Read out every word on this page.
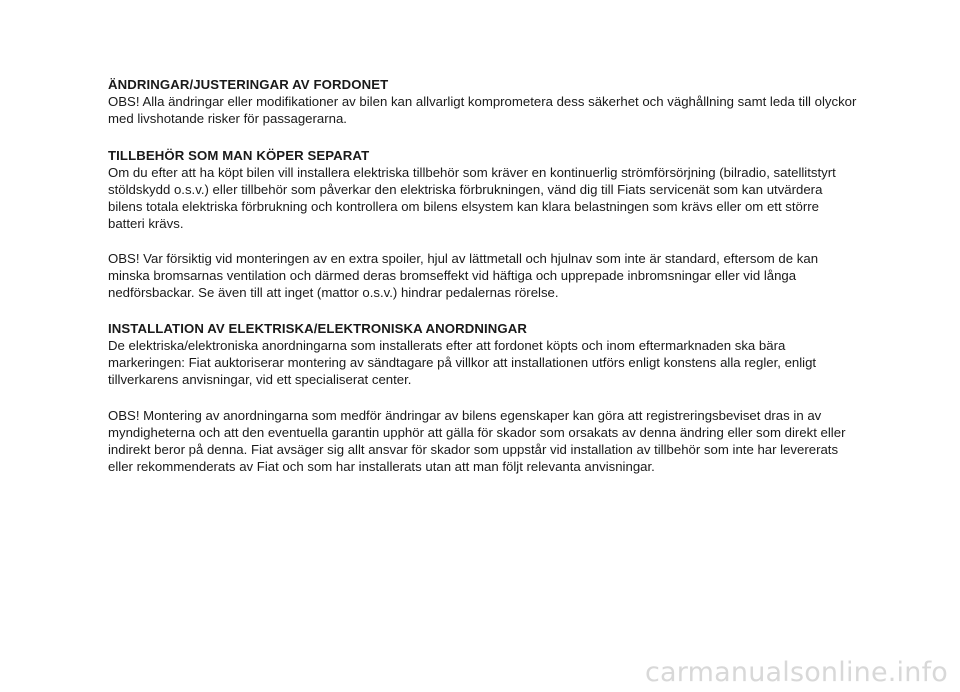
ÄNDRINGAR/JUSTERINGAR AV FORDONET

OBS! Alla ändringar eller modifikationer av bilen kan allvarligt komprometera dess säkerhet och väghållning samt leda till olyckor
med livshotande risker för passagerarna.

TILLBEHÖR SOM MAN KÖPER SEPARAT

Om du efter att ha köpt bilen vill installera elektriska tillbehör som kräver en kontinuerlig strömförsörjning (bilradio, satellitstyrt
stöldskydd o.s.v.) eller tillbehör som påverkar den elektriska förbrukningen, vänd dig till Fiats servicenät som kan utvärdera
bilens totala elektriska förbrukning och kontrollera om bilens elsystem kan klara belastningen som krävs eller om ett större
batteri krävs.

OBS! Var försiktig vid monteringen av en extra spoiler, hjul av lättmetall och hjulnav som inte är standard, eftersom de kan
minska bromsarnas ventilation och därmed deras bromseffekt vid häftiga och upprepade inbromsningar eller vid långa
nedförsbackar. Se även till att inget (mattor o.s.v.) hindrar pedalernas rörelse.

INSTALLATION AV ELEKTRISKA/ELEKTRONISKA ANORDNINGAR

De elektriska/elektroniska anordningarna som installerats efter att fordonet köpts och inom eftermarknaden ska bära
markeringen: Fiat auktoriserar montering av sändtagare på villkor att installationen utförs enligt konstens alla regler, enligt
tillverkarens anvisningar, vid ett specialiserat center.

OBS! Montering av anordningarna som medför ändringar av bilens egenskaper kan göra att registreringsbeviset dras in av
myndigheterna och att den eventuella garantin upphör att gälla för skador som orsakats av denna ändring eller som direkt eller
indirekt beror på denna. Fiat avsäger sig allt ansvar för skador som uppstår vid installation av tillbehör som inte har levererats
eller rekommenderats av Fiat och som har installerats utan att man följt relevanta anvisningar.

carmanualsonline.info
